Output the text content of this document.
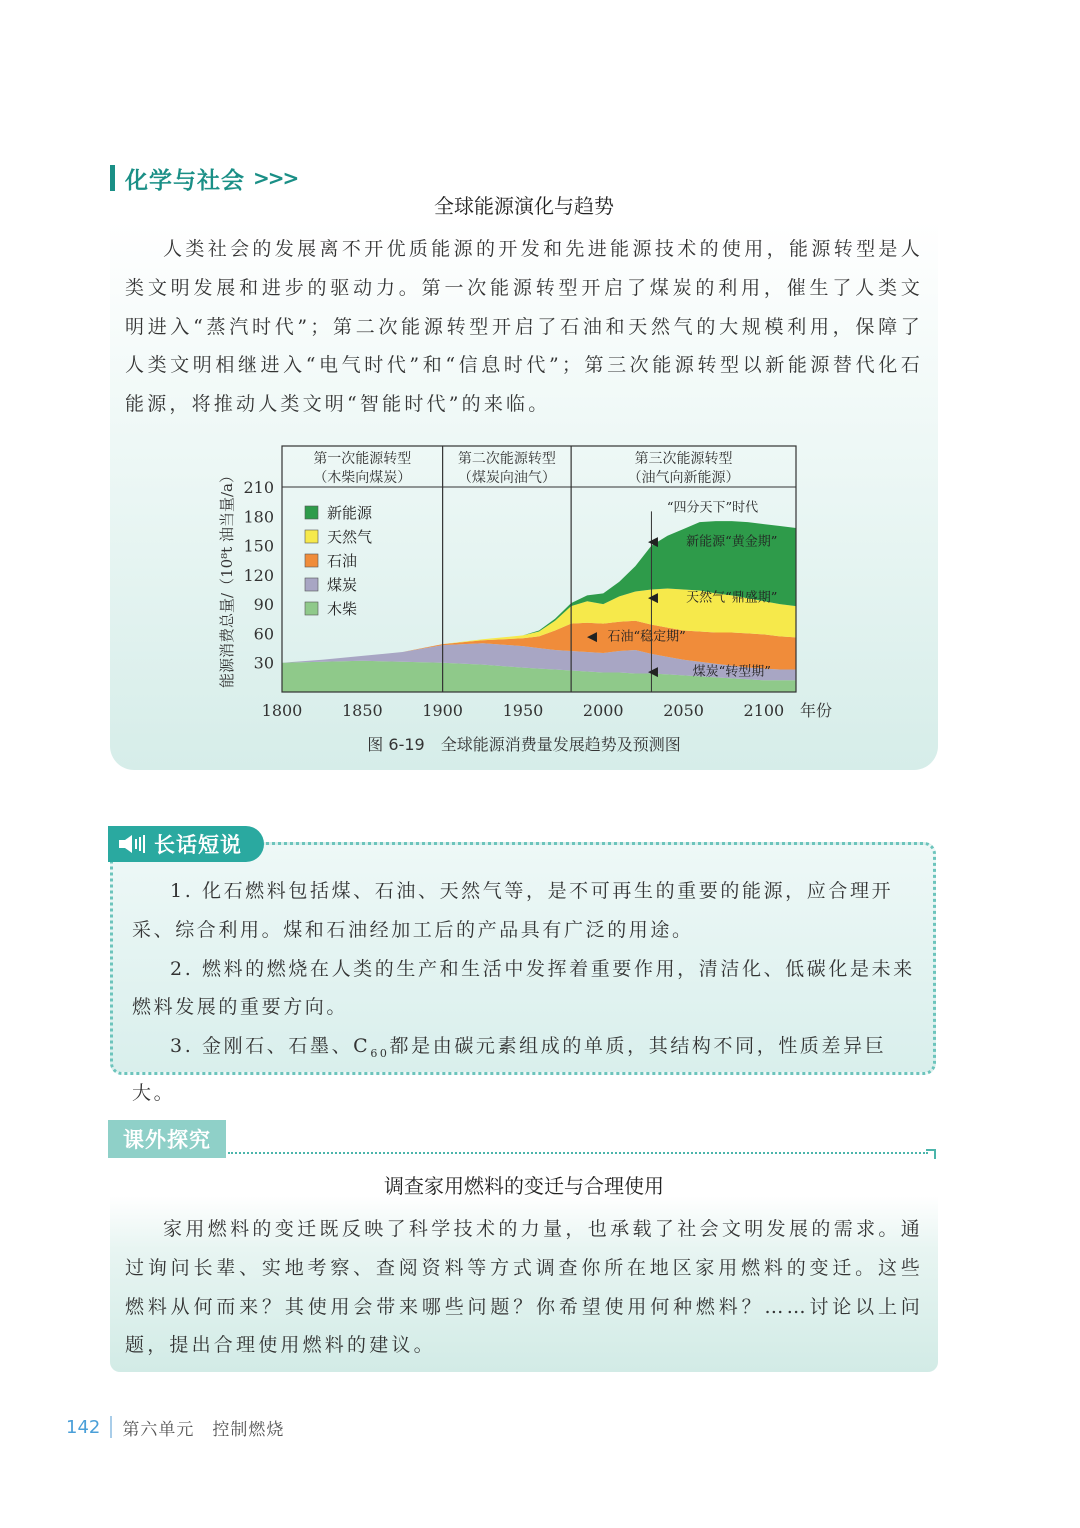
化学与社会 >>>
全球能源演化与趋势

人类社会的发展离不开优质能源的开发和先进能源技术的使用，能源转型是人类文明发展和进步的驱动力。第一次能源转型开启了煤炭的利用，催生了人类文明进入“蒸汽时代”；第二次能源转型开启了石油和天然气的大规模利用，保障了人类文明相继进入“电气时代”和“信息时代”；第三次能源转型以新能源替代化石能源，将推动人类文明“智能时代”的来临。

第一次能源转型
（木柴向煤炭）
第二次能源转型
（煤炭向油气）
第三次能源转型
（油气向新能源）
30
60
90
120
150
180
210
1800 1850 1900 1950 2000 2050 2100 年份
能源消费总量/（10⁸t 油当量/a）	新能源
天然气
石油
煤炭
木柴
“四分天下”时代
新能源“黄金期”
◀
天然气“鼎盛期”
◀
石油“稳定期”
◀
煤炭“转型期”
◀
图 6-19　全球能源消费量发展趋势及预测图
长话短说

1. 化石燃料包括煤、石油、天然气等，是不可再生的重要的能源，应合理开采、综合利用。煤和石油经加工后的产品具有广泛的用途。

2. 燃料的燃烧在人类的生产和生活中发挥着重要作用，清洁化、低碳化是未来燃料发展的重要方向。

3. 金刚石、石墨、$C_{60}$都是由碳元素组成的单质，其结构不同，性质差异巨大。

课外探究
调查家用燃料的变迁与合理使用

家用燃料的变迁既反映了科学技术的力量，也承载了社会文明发展的需求。通过询问长辈、实地考察、查阅资料等方式调查你所在地区家用燃料的变迁。这些燃料从何而来？其使用会带来哪些问题？你希望使用何种燃料？……讨论以上问题，提出合理使用燃料的建议。

142 第六单元　控制燃烧
